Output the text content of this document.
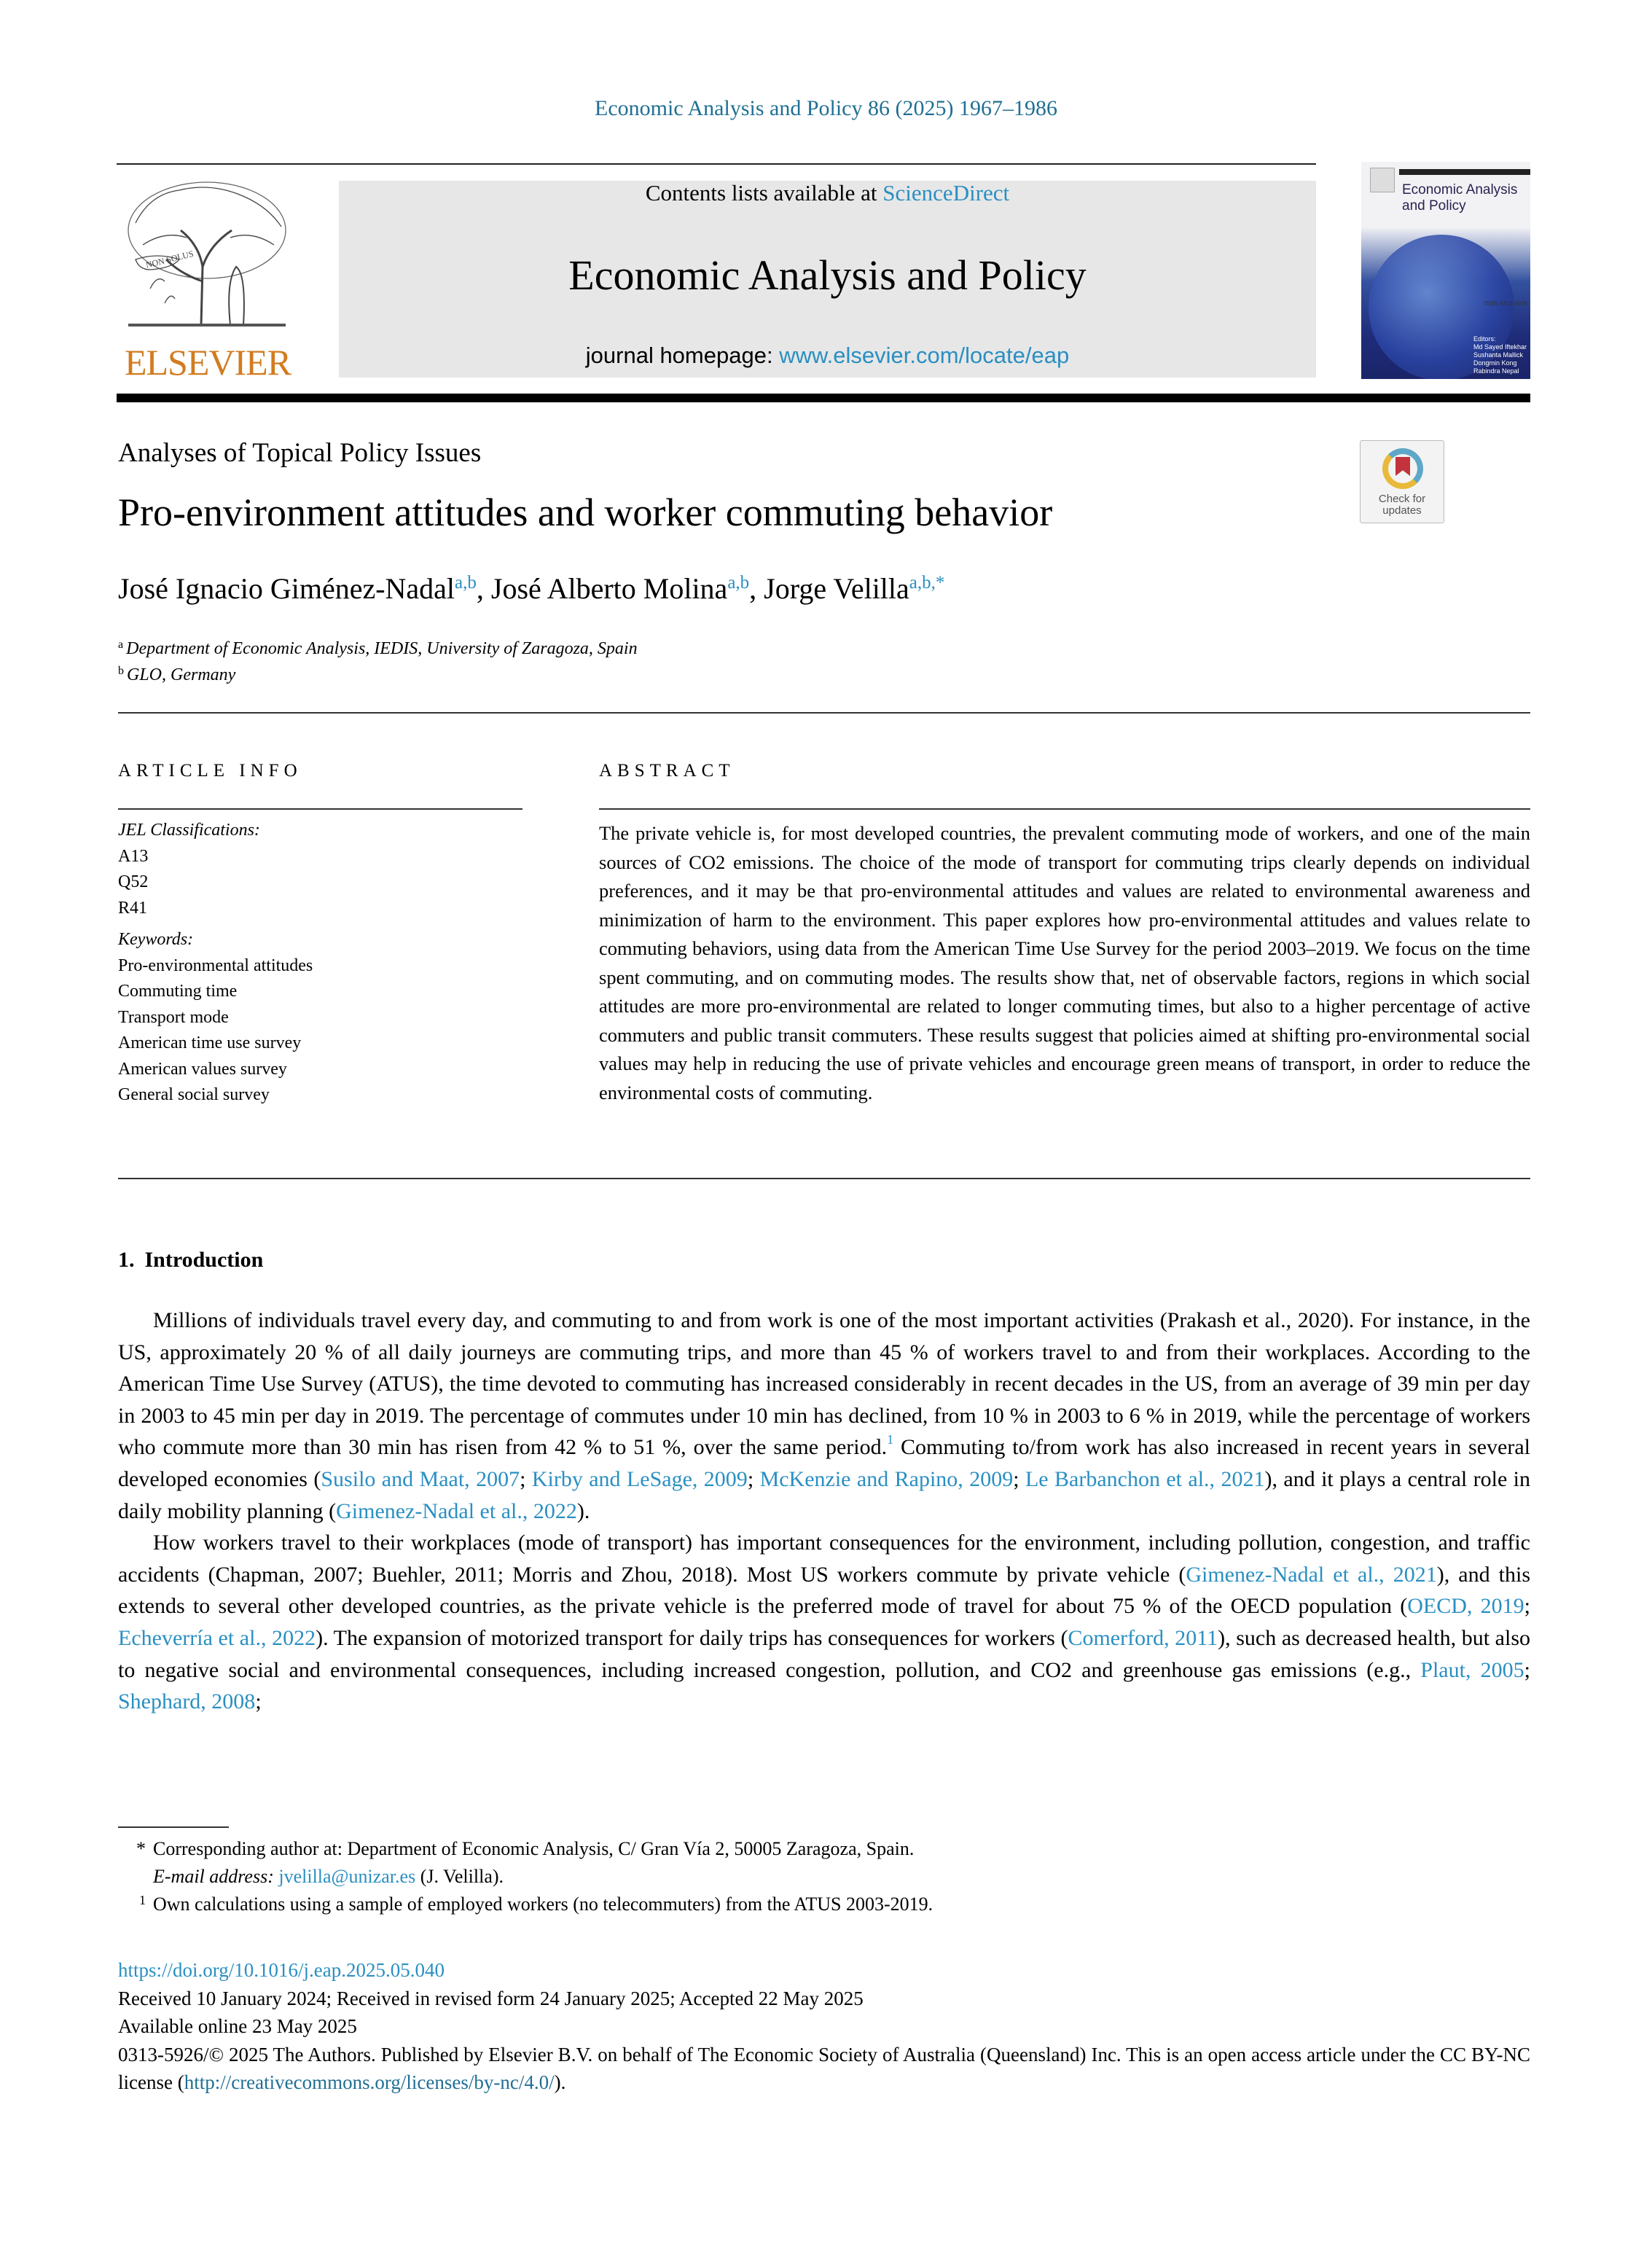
Economic Analysis and Policy 86 (2025) 1967–1986
NON SOLUS
ELSEVIER
Contents lists available at ScienceDirect
Economic Analysis and Policy
journal homepage: www.elsevier.com/locate/eap
Economic Analysis
and Policy
ISSN 0313-5926
Editors:
Md Sayed Iftekhar
Sushanta Mallick
Dongmin Kong
Rabindra Nepal
Analyses of Topical Policy Issues
Check for
updates
Pro-environment attitudes and worker commuting behavior
José Ignacio Giménez-Nadal$^{a,b}$, José Alberto Molina$^{a,b}$, Jorge Velilla$^{a,b,*}$
$^a$ Department of Economic Analysis, IEDIS, University of Zaragoza, Spain
$^b$ GLO, Germany
ARTICLE INFO	ABSTRACT
JEL Classifications:
A13
Q52
R41
Keywords:
Pro-environmental attitudes
Commuting time
Transport mode
American time use survey
American values survey
General social survey

The private vehicle is, for most developed countries, the prevalent commuting mode of workers, and one of the main sources of CO2 emissions. The choice of the mode of transport for commuting trips clearly depends on individual preferences, and it may be that pro-environmental attitudes and values are related to environmental awareness and minimization of harm to the environment. This paper explores how pro-environmental attitudes and values relate to commuting behaviors, using data from the American Time Use Survey for the period 2003–2019. We focus on the time spent commuting, and on commuting modes. The results show that, net of observable factors, regions in which social attitudes are more pro-environmental are related to longer commuting times, but also to a higher percentage of active commuters and public transit commuters. These results suggest that policies aimed at shifting pro-environmental social values may help in reducing the use of private vehicles and encourage green means of transport, in order to reduce the environmental costs of commuting.

1. Introduction

Millions of individuals travel every day, and commuting to and from work is one of the most important activities (Prakash et al., 2020). For instance, in the US, approximately 20 % of all daily journeys are commuting trips, and more than 45 % of workers travel to and from their workplaces. According to the American Time Use Survey (ATUS), the time devoted to commuting has increased considerably in recent decades in the US, from an average of 39 min per day in 2003 to 45 min per day in 2019. The percentage of commutes under 10 min has declined, from 10 % in 2003 to 6 % in 2019, while the percentage of workers who commute more than 30 min has risen from 42 % to 51 %, over the same period.$^1$ Commuting to/from work has also increased in recent years in several developed economies (Susilo and Maat, 2007; Kirby and LeSage, 2009; McKenzie and Rapino, 2009; Le Barbanchon et al., 2021), and it plays a central role in daily mobility planning (Gimenez-Nadal et al., 2022).

How workers travel to their workplaces (mode of transport) has important consequences for the environment, including pollution, congestion, and traffic accidents (Chapman, 2007; Buehler, 2011; Morris and Zhou, 2018). Most US workers commute by private vehicle (Gimenez-Nadal et al., 2021), and this extends to several other developed countries, as the private vehicle is the preferred mode of travel for about 75 % of the OECD population (OECD, 2019; Echeverría et al., 2022). The expansion of motorized transport for daily trips has consequences for workers (Comerford, 2011), such as decreased health, but also to negative social and environmental consequences, including increased congestion, pollution, and CO2 and greenhouse gas emissions (e.g., Plaut, 2005; Shephard, 2008;

* Corresponding author at: Department of Economic Analysis, C/ Gran Vía 2, 50005 Zaragoza, Spain.
E-mail address: jvelilla@unizar.es (J. Velilla).
$^1$ Own calculations using a sample of employed workers (no telecommuters) from the ATUS 2003-2019.
https://doi.org/10.1016/j.eap.2025.05.040
Received 10 January 2024; Received in revised form 24 January 2025; Accepted 22 May 2025
Available online 23 May 2025
0313-5926/© 2025 The Authors. Published by Elsevier B.V. on behalf of The Economic Society of Australia (Queensland) Inc. This is an open access article under the CC BY-NC license (http://creativecommons.org/licenses/by-nc/4.0/).
